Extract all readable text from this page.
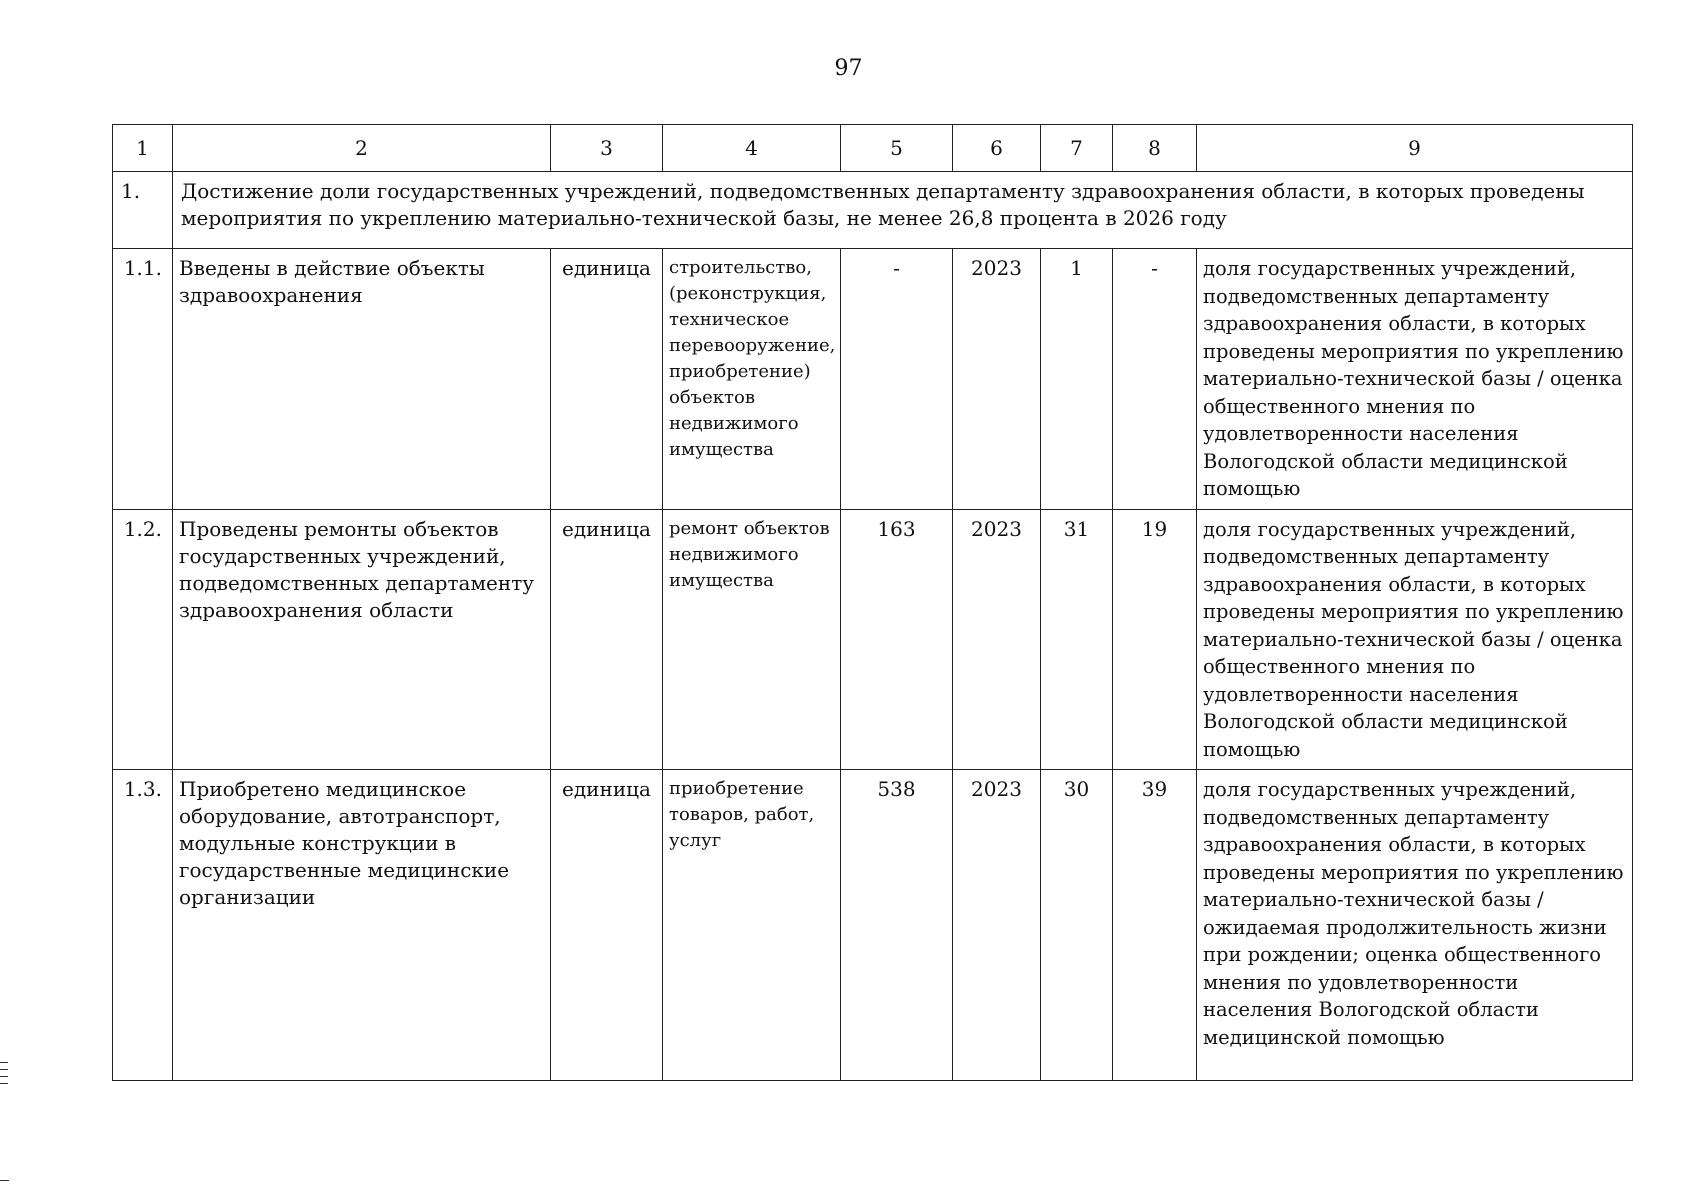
97
1	2	3	4	5	6	7	8	9
1.	Достижение доли государственных учреждений, подведомственных департаменту здравоохранения области, в которых проведены мероприятия по укреплению материально-технической базы, не менее 26,8 процента в 2026 году							
1.1.	Введены в действие объекты здравоохранения	единица	строительство, (реконструкция, техническое перевооружение, приобретение) объектов недвижимого имущества	-	2023	1	-	доля государственных учреждений, подведомственных департаменту здравоохранения области, в которых проведены мероприятия по укреплению материально-технической базы / оценка общественного мнения по удовлетворенности населения Вологодской области медицинской помощью
1.2.	Проведены ремонты объектов государственных учреждений, подведомственных департаменту здравоохранения области	единица	ремонт объектов недвижимого имущества	163	2023	31	19	доля государственных учреждений, подведомственных департаменту здравоохранения области, в которых проведены мероприятия по укреплению материально-технической базы / оценка общественного мнения по удовлетворенности населения Вологодской области медицинской помощью
1.3.	Приобретено медицинское оборудование, автотранспорт, модульные конструкции в государственные медицинские организации	единица	приобретение товаров, работ, услуг	538	2023	30	39	доля государственных учреждений, подведомственных департаменту здравоохранения области, в которых проведены мероприятия по укреплению материально-технической базы / ожидаемая продолжительность жизни при рождении; оценка общественного мнения по удовлетворенности населения Вологодской области медицинской помощью
